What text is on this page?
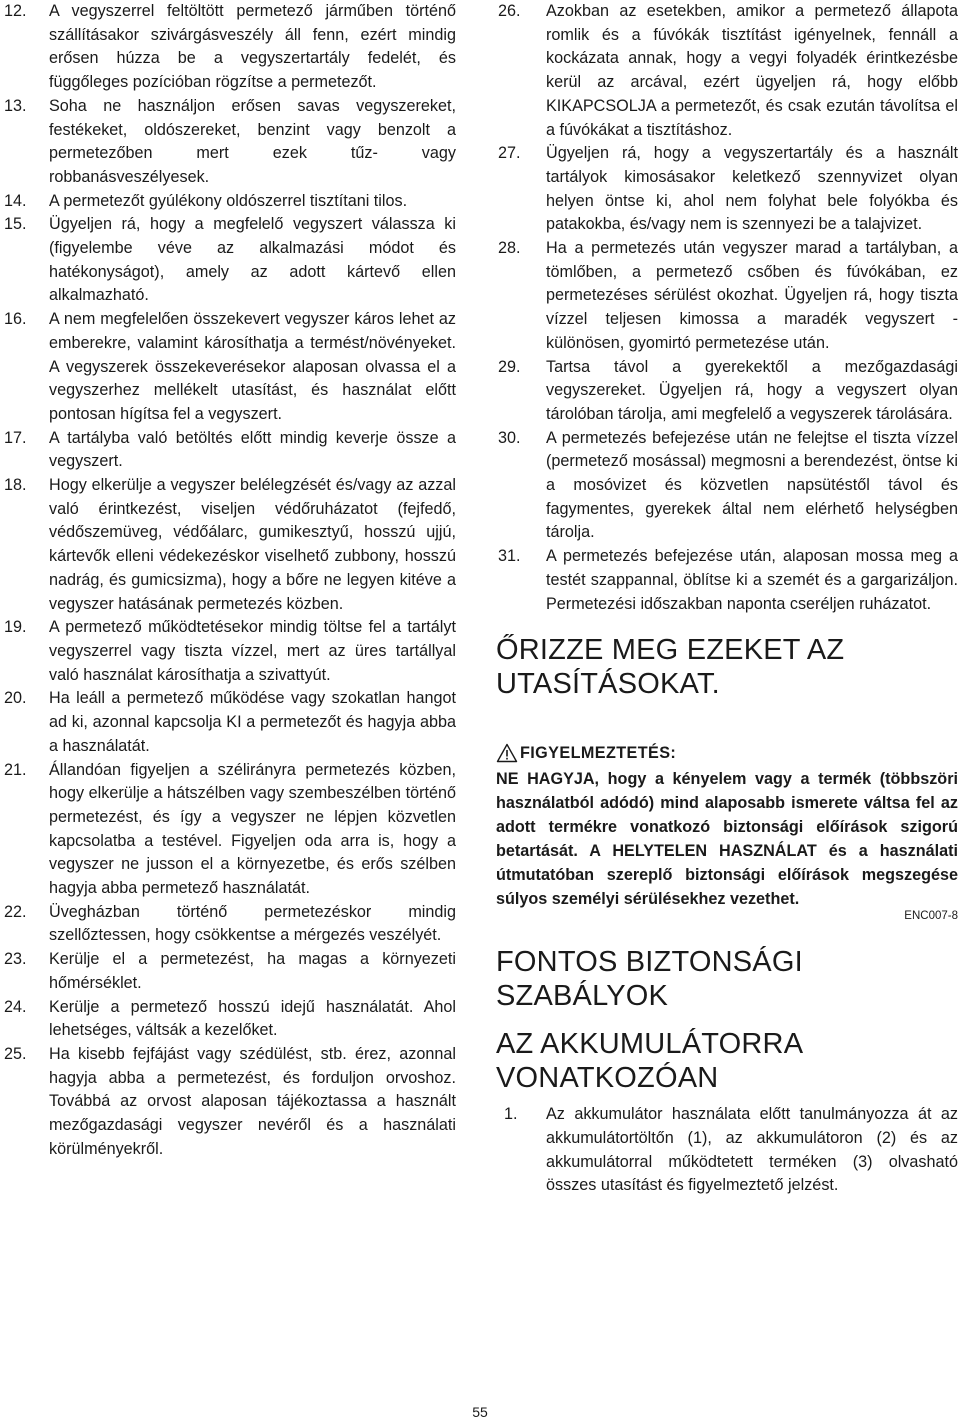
12.	A vegyszerrel feltöltött permetező járműben történő szállításakor szivárgásveszély áll fenn, ezért mindig erősen húzza be a vegyszertartály fedelét, és függőleges pozícióban rögzítse a permetezőt.
13.	Soha ne használjon erősen savas vegyszereket, festékeket, oldószereket, benzint vagy benzolt a permetezőben mert ezek tűz- vagy robbanásveszélyesek.
14.	A permetezőt gyúlékony oldószerrel tisztítani tilos.
15.	Ügyeljen rá, hogy a megfelelő vegyszert válassza ki (figyelembe véve az alkalmazási módot és hatékonyságot), amely az adott kártevő ellen alkalmazható.
16.	A nem megfelelően összekevert vegyszer káros lehet az emberekre, valamint károsíthatja a termést/növényeket. A vegyszerek összekeverésekor alaposan olvassa el a vegyszerhez mellékelt utasítást, és használat előtt pontosan hígítsa fel a vegyszert.
17.	A tartályba való betöltés előtt mindig keverje össze a vegyszert.
18.	Hogy elkerülje a vegyszer belélegzését és/vagy az azzal való érintkezést, viseljen védőruházatot (fejfedő, védőszemüveg, védőálarc, gumikesztyű, hosszú ujjú, kártevők elleni védekezéskor viselhető zubbony, hosszú nadrág, és gumicsizma), hogy a bőre ne legyen kitéve a vegyszer hatásának permetezés közben.
19.	A permetező működtetésekor mindig töltse fel a tartályt vegyszerrel vagy tiszta vízzel, mert az üres tartállyal való használat károsíthatja a szivattyút.
20.	Ha leáll a permetező működése vagy szokatlan hangot ad ki, azonnal kapcsolja KI a permetezőt és hagyja abba a használatát.
21.	Állandóan figyeljen a szélirányra permetezés közben, hogy elkerülje a hátszélben vagy szembeszélben történő permetezést, és így a vegyszer ne lépjen közvetlen kapcsolatba a testével. Figyeljen oda arra is, hogy a vegyszer ne jusson el a környezetbe, és erős szélben hagyja abba permetező használatát.
22.	Üvegházban történő permetezéskor mindig szellőztessen, hogy csökkentse a mérgezés veszélyét.
23.	Kerülje el a permetezést, ha magas a környezeti hőmérséklet.
24.	Kerülje a permetező hosszú idejű használatát. Ahol lehetséges, váltsák a kezelőket.
25.	Ha kisebb fejfájást vagy szédülést, stb. érez, azonnal hagyja abba a permetezést, és forduljon orvoshoz. Továbbá az orvost alaposan tájékoztassa a használt mezőgazdasági vegyszer nevéről és a használati körülményekről.
26.	Azokban az esetekben, amikor a permetező állapota romlik és a fúvókák tisztítást igényelnek, fennáll a kockázata annak, hogy a vegyi folyadék érintkezésbe kerül az arcával, ezért ügyeljen rá, hogy előbb KIKAPCSOLJA a permetezőt, és csak ezután távolítsa el a fúvókákat a tisztításhoz.
27.	Ügyeljen rá, hogy a vegyszertartály és a használt tartályok kimosásakor keletkező szennyvizet olyan helyen öntse ki, ahol nem folyhat bele folyókba és patakokba, és/vagy nem is szennyezi be a talajvizet.
28.	Ha a permetezés után vegyszer marad a tartályban, a tömlőben, a permetező csőben és fúvókában, ez permetezéses sérülést okozhat. Ügyeljen rá, hogy tiszta vízzel teljesen kimossa a maradék vegyszert - különösen, gyomirtó permetezése után.
29.	Tartsa távol a gyerekektől a mezőgazdasági vegyszereket. Ügyeljen rá, hogy a vegyszert olyan tárolóban tárolja, ami megfelelő a vegyszerek tárolására.
30.	A permetezés befejezése után ne felejtse el tiszta vízzel (permetező mosással) megmosni a berendezést, öntse ki a mosóvizet és közvetlen napsütéstől távol és fagymentes, gyerekek által nem elérhető helységben tárolja.
31.	A permetezés befejezése után, alaposan mossa meg a testét szappannal, öblítse ki a szemét és a gargarizáljon. Permetezési időszakban naponta cseréljen ruházatot.
ŐRIZZE MEG EZEKET AZ UTASÍTÁSOKAT.
FIGYELMEZTETÉS:

NE HAGYJA, hogy a kényelem vagy a termék (többszöri használatból adódó) mind alaposabb ismerete váltsa fel az adott termékre vonatkozó biztonsági előírások szigorú betartását. A HELYTELEN HASZNÁLAT és a használati útmutatóban szereplő biztonsági előírások megszegése súlyos személyi sérülésekhez vezethet.

ENC007-8
FONTOS BIZTONSÁGI SZABÁLYOK
AZ AKKUMULÁTORRA VONATKOZÓAN
1.	Az akkumulátor használata előtt tanulmányozza át az akkumulátortöltőn (1), az akkumulátoron (2) és az akkumulátorral működtetett terméken (3) olvasható összes utasítást és figyelmeztető jelzést.
55
